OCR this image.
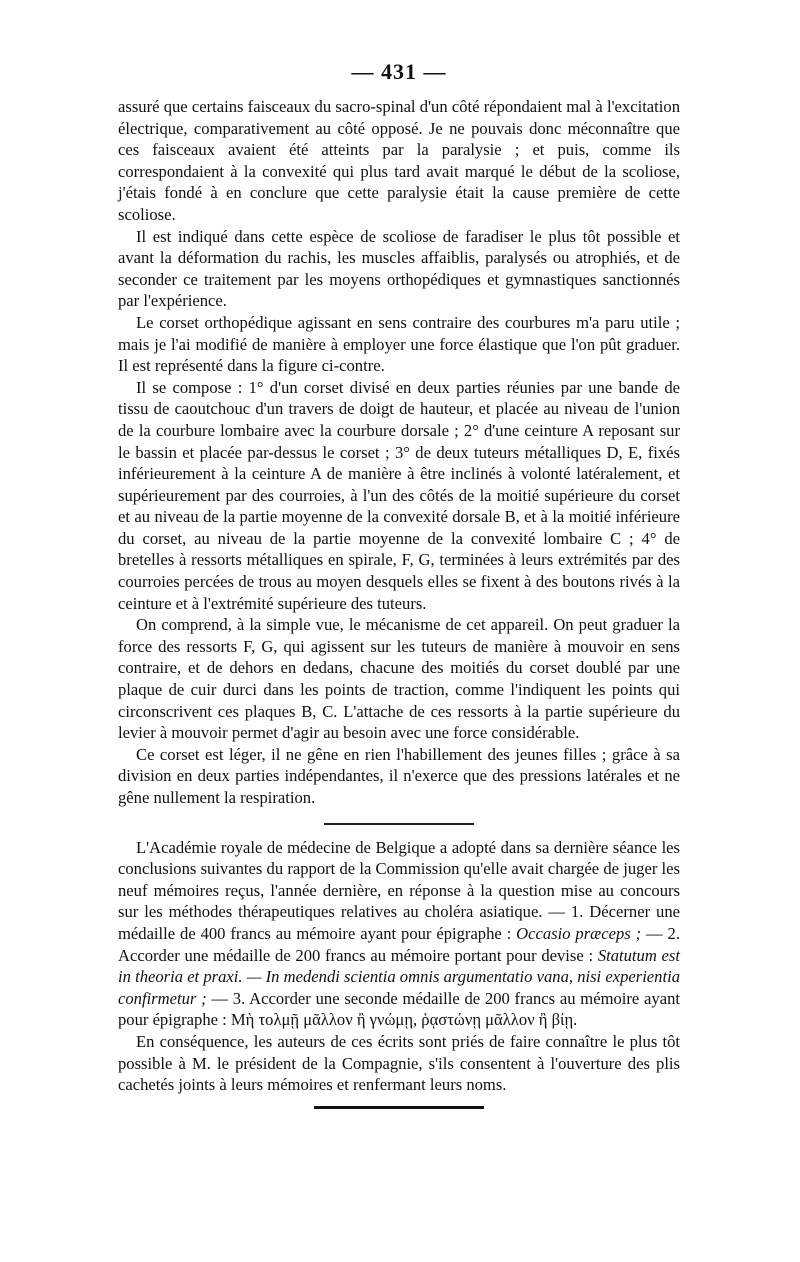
— 431 —

assuré que certains faisceaux du sacro-spinal d'un côté répondaient mal à l'excitation électrique, comparativement au côté opposé. Je ne pouvais donc méconnaître que ces faisceaux avaient été atteints par la paralysie ; et puis, comme ils correspondaient à la convexité qui plus tard avait marqué le début de la scoliose, j'étais fondé à en conclure que cette paralysie était la cause première de cette scoliose.

Il est indiqué dans cette espèce de scoliose de faradiser le plus tôt possible et avant la déformation du rachis, les muscles affaiblis, paralysés ou atrophiés, et de seconder ce traitement par les moyens orthopédiques et gymnastiques sanctionnés par l'expérience.

Le corset orthopédique agissant en sens contraire des courbures m'a paru utile ; mais je l'ai modifié de manière à employer une force élastique que l'on pût graduer. Il est représenté dans la figure ci-contre.

Il se compose : 1° d'un corset divisé en deux parties réunies par une bande de tissu de caoutchouc d'un travers de doigt de hauteur, et placée au niveau de l'union de la courbure lombaire avec la courbure dorsale ; 2° d'une ceinture A reposant sur le bassin et placée par-dessus le corset ; 3° de deux tuteurs métalliques D, E, fixés inférieurement à la ceinture A de manière à être inclinés à volonté latéralement, et supérieurement par des courroies, à l'un des côtés de la moitié supérieure du corset et au niveau de la partie moyenne de la convexité dorsale B, et à la moitié inférieure du corset, au niveau de la partie moyenne de la convexité lombaire C ; 4° de bretelles à ressorts métalliques en spirale, F, G, terminées à leurs extrémités par des courroies percées de trous au moyen desquels elles se fixent à des boutons rivés à la ceinture et à l'extrémité supérieure des tuteurs.

On comprend, à la simple vue, le mécanisme de cet appareil. On peut graduer la force des ressorts F, G, qui agissent sur les tuteurs de manière à mouvoir en sens contraire, et de dehors en dedans, chacune des moitiés du corset doublé par une plaque de cuir durci dans les points de traction, comme l'indiquent les points qui circonscrivent ces plaques B, C. L'attache de ces ressorts à la partie supérieure du levier à mouvoir permet d'agir au besoin avec une force considérable.

Ce corset est léger, il ne gêne en rien l'habillement des jeunes filles ; grâce à sa division en deux parties indépendantes, il n'exerce que des pressions latérales et ne gêne nullement la respiration.

L'Académie royale de médecine de Belgique a adopté dans sa dernière séance les conclusions suivantes du rapport de la Commission qu'elle avait chargée de juger les neuf mémoires reçus, l'année dernière, en réponse à la question mise au concours sur les méthodes thérapeutiques relatives au choléra asiatique. — 1. Décerner une médaille de 400 francs au mémoire ayant pour épigraphe : Occasio præceps ; — 2. Accorder une médaille de 200 francs au mémoire portant pour devise : Statutum est in theoria et praxi. — In medendi scientia omnis argumentatio vana, nisi experientia confirmetur ; — 3. Accorder une seconde médaille de 200 francs au mémoire ayant pour épigraphe : Μὴ τολμῇ μᾶλλον ἢ γνώμῃ, ῥᾳστώνῃ μᾶλλον ἢ βίῃ.

En conséquence, les auteurs de ces écrits sont priés de faire connaître le plus tôt possible à M. le président de la Compagnie, s'ils consentent à l'ouverture des plis cachetés joints à leurs mémoires et renfermant leurs noms.
